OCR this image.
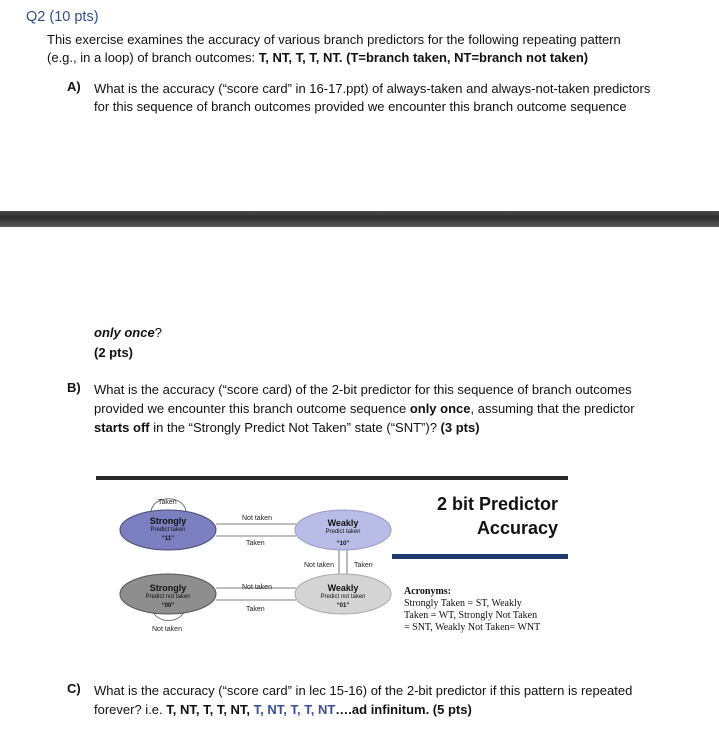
Q2 (10 pts)
This exercise examines the accuracy of various branch predictors for the following repeating pattern
(e.g., in a loop) of branch outcomes: T, NT, T, T, NT. (T=branch taken, NT=branch not taken)
A) What is the accuracy (“score card” in 16-17.ppt) of always-taken and always-not-taken predictors
for this sequence of branch outcomes provided we encounter this branch outcome sequence
only once?
(2 pts)
B) What is the accuracy (“score card) of the 2-bit predictor for this sequence of branch outcomes
provided we encounter this branch outcome sequence only once, assuming that the predictor
starts off in the “Strongly Predict Not Taken” state (“SNT”)? (3 pts)
Strongly
Predict taken
“11”
Weakly
Predict taken
“10”
Strongly
Predict not taken
“00”
Weakly
Predict not taken
“01”
Taken
Not taken
Taken
Not taken	Taken
Not taken
Taken
Not taken
2 bit Predictor
Accuracy
Acronyms:
Strongly Taken = ST, Weakly
Taken = WT, Strongly Not Taken
= SNT, Weakly Not Taken= WNT
C) What is the accuracy (“score card” in lec 15-16) of the 2-bit predictor if this pattern is repeated
forever? i.e. T, NT, T, T, NT, T, NT, T, T, NT….ad infinitum. (5 pts)
